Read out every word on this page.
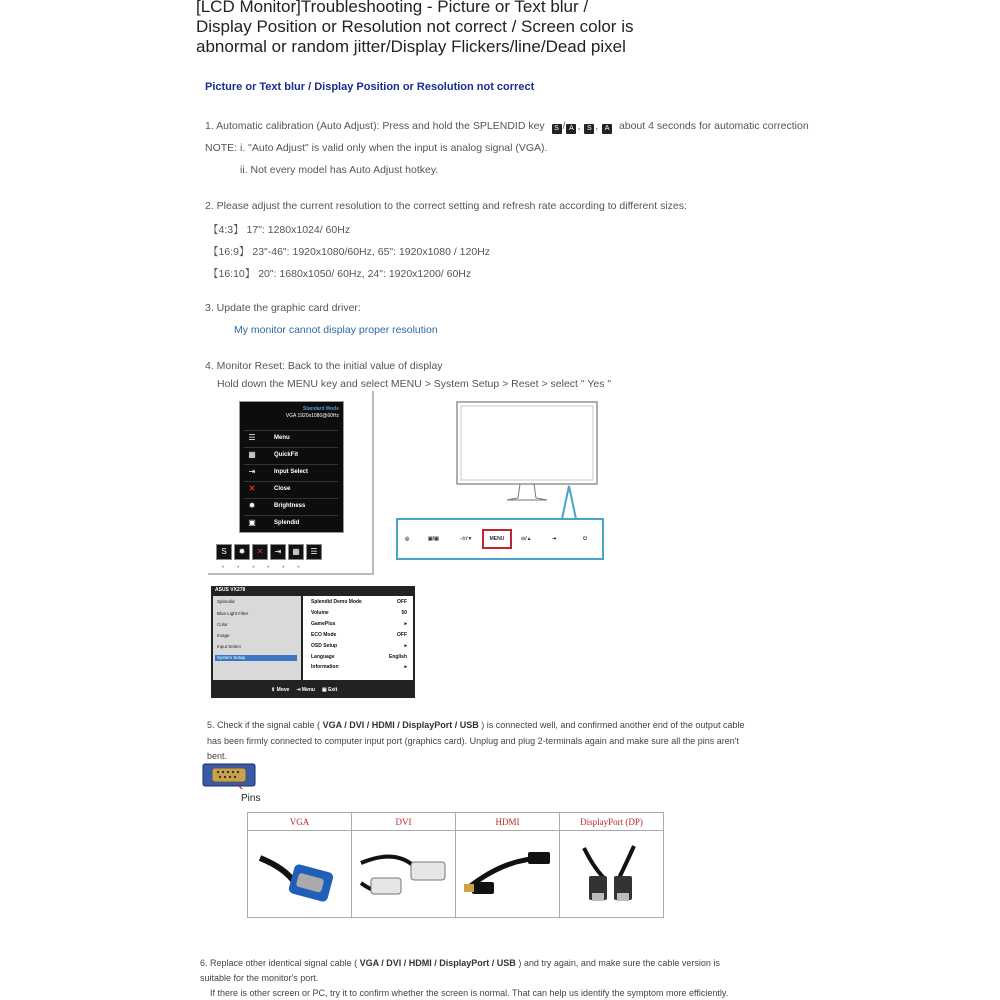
[LCD Monitor]Troubleshooting - Picture or Text blur / Display Position or Resolution not correct / Screen color is abnormal or random jitter/Display Flickers/line/Dead pixel
Picture or Text blur / Display Position or Resolution not correct
1. Automatic calibration (Auto Adjust): Press and hold the SPLENDID key S / A , S , A about 4 seconds for automatic correction
NOTE: i. "Auto Adjust" is valid only when the input is analog signal (VGA).
ii. Not every model has Auto Adjust hotkey.
2. Please adjust the current resolution to the correct setting and refresh rate according to different sizes:
【4:3】 17": 1280x1024/ 60Hz
【16:9】 23"-46": 1920x1080/60Hz, 65": 1920x1080 / 120Hz
【16:10】 20": 1680x1050/ 60Hz, 24": 1920x1200/ 60Hz
3. Update the graphic card driver:
My monitor cannot display proper resolution
4. Monitor Reset: Back to the initial value of display
Hold down the MENU key and select MENU > System Setup > Reset > select " Yes "
Standard Mode
VGA 1920x1080@60Hz
☰	Menu
▦	QuickFit
⇥	Input Select
✕	Close
✹	Brightness
▣	Splendid
S ✹ ✕ ⇥ ▦ ☰
••••••
◎	▣/▣	-☆/▼	MENU	⊙/▲	⇥	⏻
ASUS VX278
Splendid
Blue Light Filter
Color
Image
Input Select
System Setup
Splendid Demo Mode	OFF
Volume	50
GamePlus	▸
ECO Mode	OFF
OSD Setup	▸
Language	English
Information	▸
All Reset	▸
⇕ Move ⇥ Menu ▣ Exit
5. Check if the signal cable ( VGA / DVI / HDMI / DisplayPort / USB ) is connected well, and confirmed another end of the output cable
has been firmly connected to computer input port (graphics card). Unplug and plug 2-terminals again and make sure all the pins aren't
bent.
Pins
VGA	DVI	HDMI	DisplayPort (DP)

6. Replace other identical signal cable ( VGA / DVI / HDMI / DisplayPort / USB ) and try again, and make sure the cable version is
suitable for the monitor's port.
If there is other screen or PC, try it to confirm whether the screen is normal. That can help us identify the symptom more efficiently.
